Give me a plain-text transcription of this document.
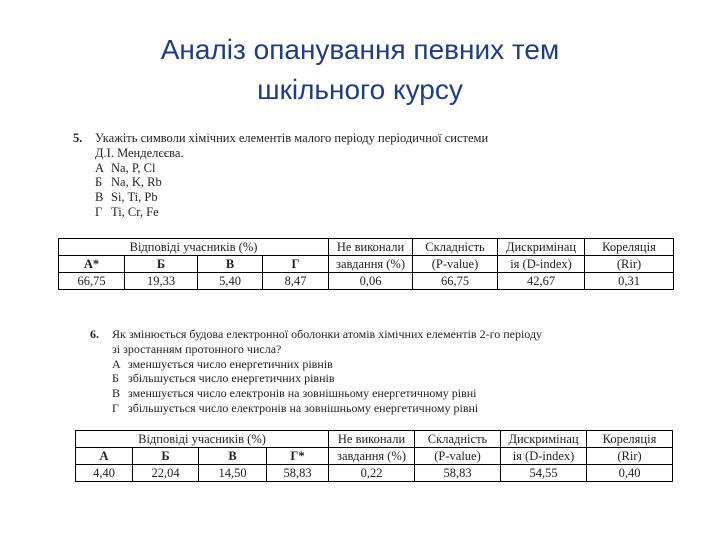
Аналіз опанування певних тем
шкільного курсу
5. Укажіть символи хімічних елементів малого періоду періодичної системи
Д.І. Менделєєва.
А Na, P, Cl
Б Na, K, Rb
В Si, Ti, Pb
Г Ti, Cr, Fe
Відповіді учасників (%)				Не виконали	Складність	Дискримінац	Кореляція
А*	Б	В	Г	завдання (%)	(P-value)	ія (D-index)	(Rir)
66,75	19,33	5,40	8,47	0,06	66,75	42,67	0,31
6. Як змінюється будова електронної оболонки атомів хімічних елементів 2-го періоду
зі зростанням протонного числа?
А зменшується число енергетичних рівнів
Б збільшується число енергетичних рівнів
В зменшується число електронів на зовнішньому енергетичному рівні
Г збільшується число електронів на зовнішньому енергетичному рівні
Відповіді учасників (%)				Не виконали	Складність	Дискримінац	Кореляція
А	Б	В	Г*	завдання (%)	(P-value)	ія (D-index)	(Rir)
4,40	22,04	14,50	58,83	0,22	58,83	54,55	0,40
